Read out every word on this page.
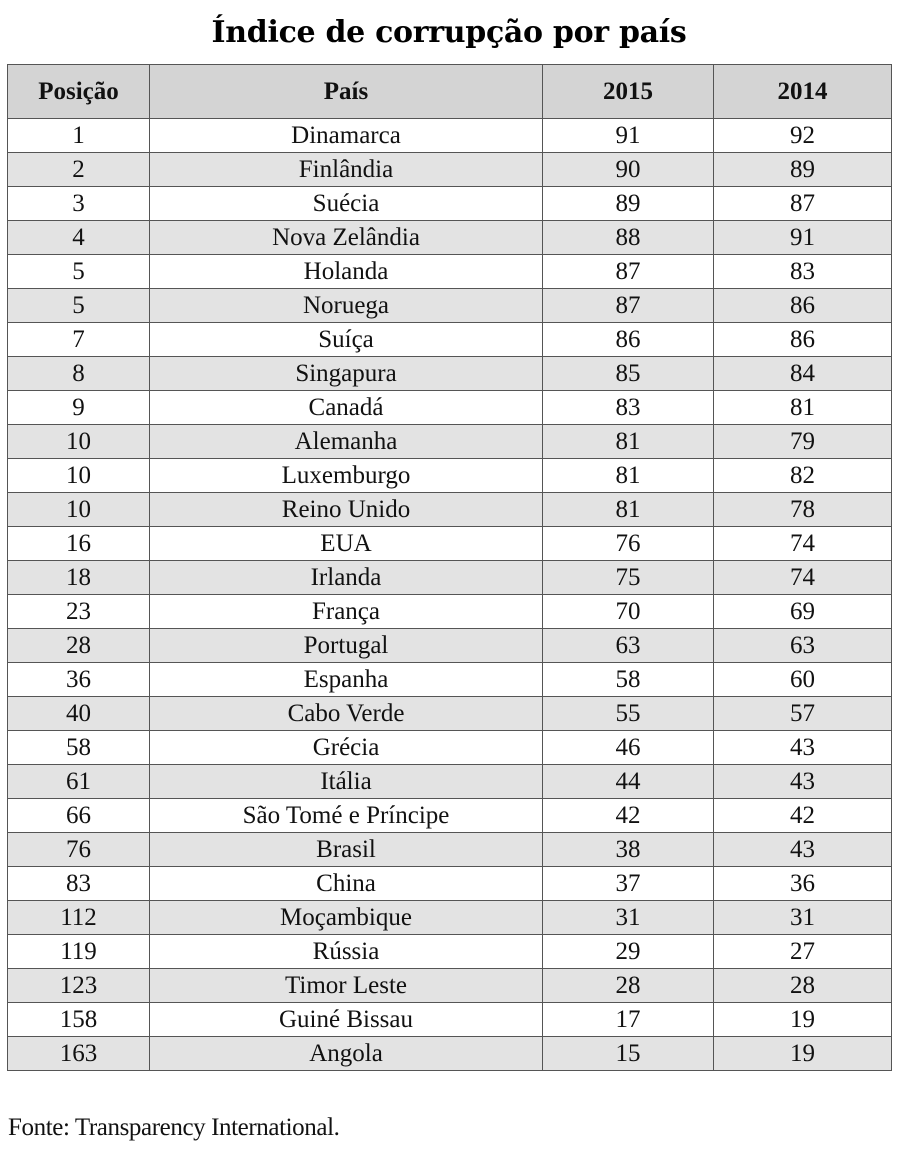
Índice de corrupção por país
Posição	País	2015	2014
1	Dinamarca	91	92
2	Finlândia	90	89
3	Suécia	89	87
4	Nova Zelândia	88	91
5	Holanda	87	83
5	Noruega	87	86
7	Suíça	86	86
8	Singapura	85	84
9	Canadá	83	81
10	Alemanha	81	79
10	Luxemburgo	81	82
10	Reino Unido	81	78
16	EUA	76	74
18	Irlanda	75	74
23	França	70	69
28	Portugal	63	63
36	Espanha	58	60
40	Cabo Verde	55	57
58	Grécia	46	43
61	Itália	44	43
66	São Tomé e Príncipe	42	42
76	Brasil	38	43
83	China	37	36
112	Moçambique	31	31
119	Rússia	29	27
123	Timor Leste	28	28
158	Guiné Bissau	17	19
163	Angola	15	19
Fonte: Transparency International.
